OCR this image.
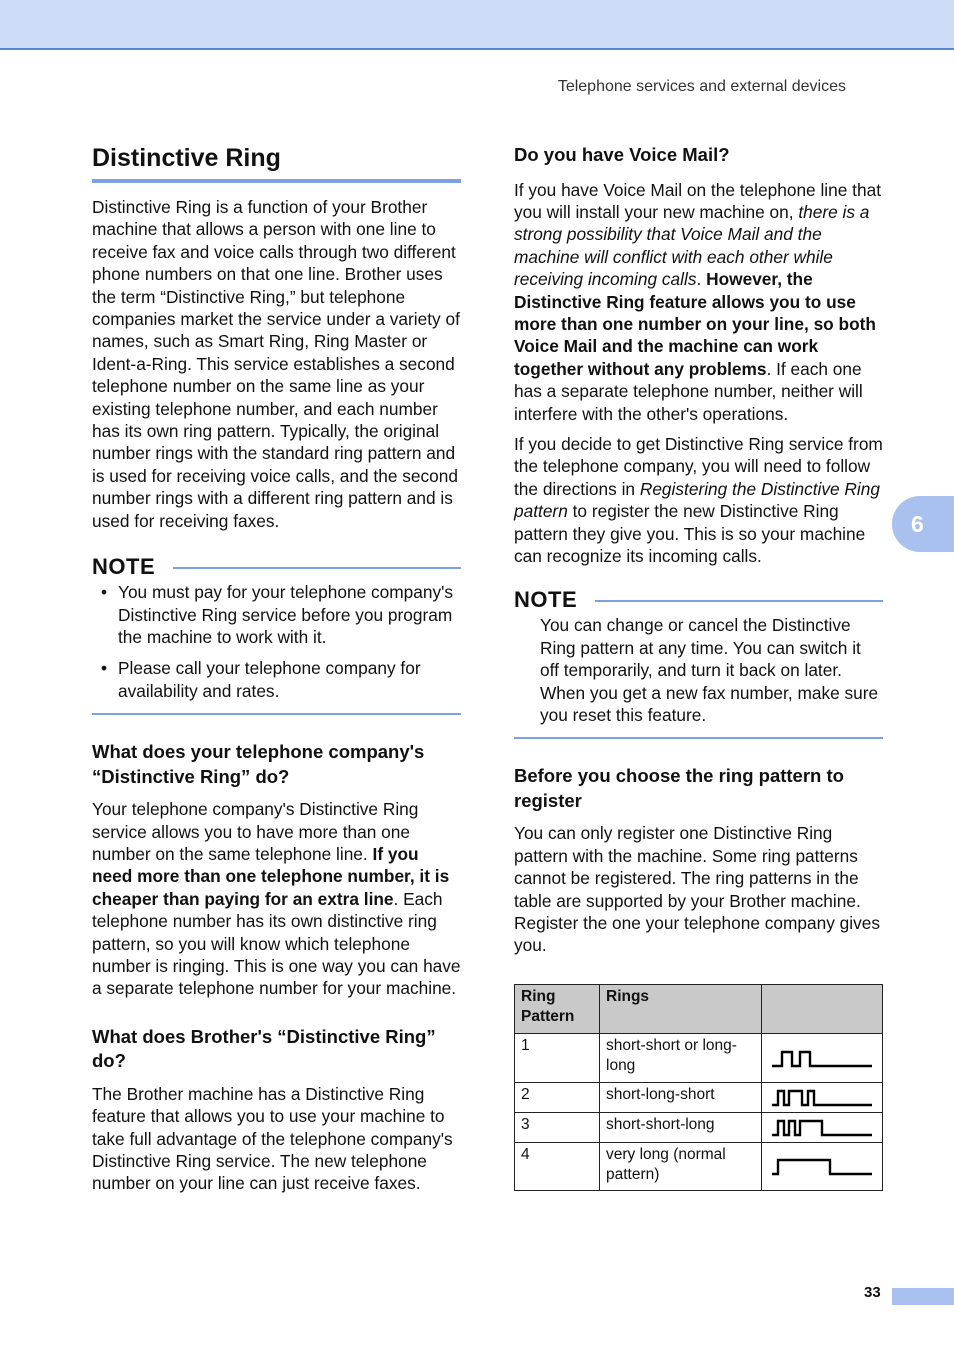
Telephone services and external devices
6
Distinctive Ring

Distinctive Ring is a function of your Brother machine that allows a person with one line to receive fax and voice calls through two different phone numbers on that one line. Brother uses the term “Distinctive Ring,” but telephone companies market the service under a variety of names, such as Smart Ring, Ring Master or Ident-a-Ring. This service establishes a second telephone number on the same line as your existing telephone number, and each number has its own ring pattern. Typically, the original number rings with the standard ring pattern and is used for receiving voice calls, and the second number rings with a different ring pattern and is used for receiving faxes.

NOTE
• You must pay for your telephone company's Distinctive Ring service before you program the machine to work with it.
• Please call your telephone company for availability and rates.
What does your telephone company's “Distinctive Ring” do?

Your telephone company's Distinctive Ring service allows you to have more than one number on the same telephone line. If you need more than one telephone number, it is cheaper than paying for an extra line. Each telephone number has its own distinctive ring pattern, so you will know which telephone number is ringing. This is one way you can have a separate telephone number for your machine.

What does Brother's “Distinctive Ring” do?

The Brother machine has a Distinctive Ring feature that allows you to use your machine to take full advantage of the telephone company's Distinctive Ring service. The new telephone number on your line can just receive faxes.

Do you have Voice Mail?

If you have Voice Mail on the telephone line that you will install your new machine on, there is a strong possibility that Voice Mail and the machine will conflict with each other while receiving incoming calls. However, the Distinctive Ring feature allows you to use more than one number on your line, so both Voice Mail and the machine can work together without any problems. If each one has a separate telephone number, neither will interfere with the other's operations.

If you decide to get Distinctive Ring service from the telephone company, you will need to follow the directions in Registering the Distinctive Ring pattern to register the new Distinctive Ring pattern they give you. This is so your machine can recognize its incoming calls.

NOTE
You can change or cancel the Distinctive Ring pattern at any time. You can switch it off temporarily, and turn it back on later. When you get a new fax number, make sure you reset this feature.
Before you choose the ring pattern to register

You can only register one Distinctive Ring pattern with the machine. Some ring patterns cannot be registered. The ring patterns in the table are supported by your Brother machine. Register the one your telephone company gives you.

Ring Pattern	Rings	
1	short-short or long-long	

2	short-long-short	

3	short-short-long	

4	very long (normal pattern)

33
